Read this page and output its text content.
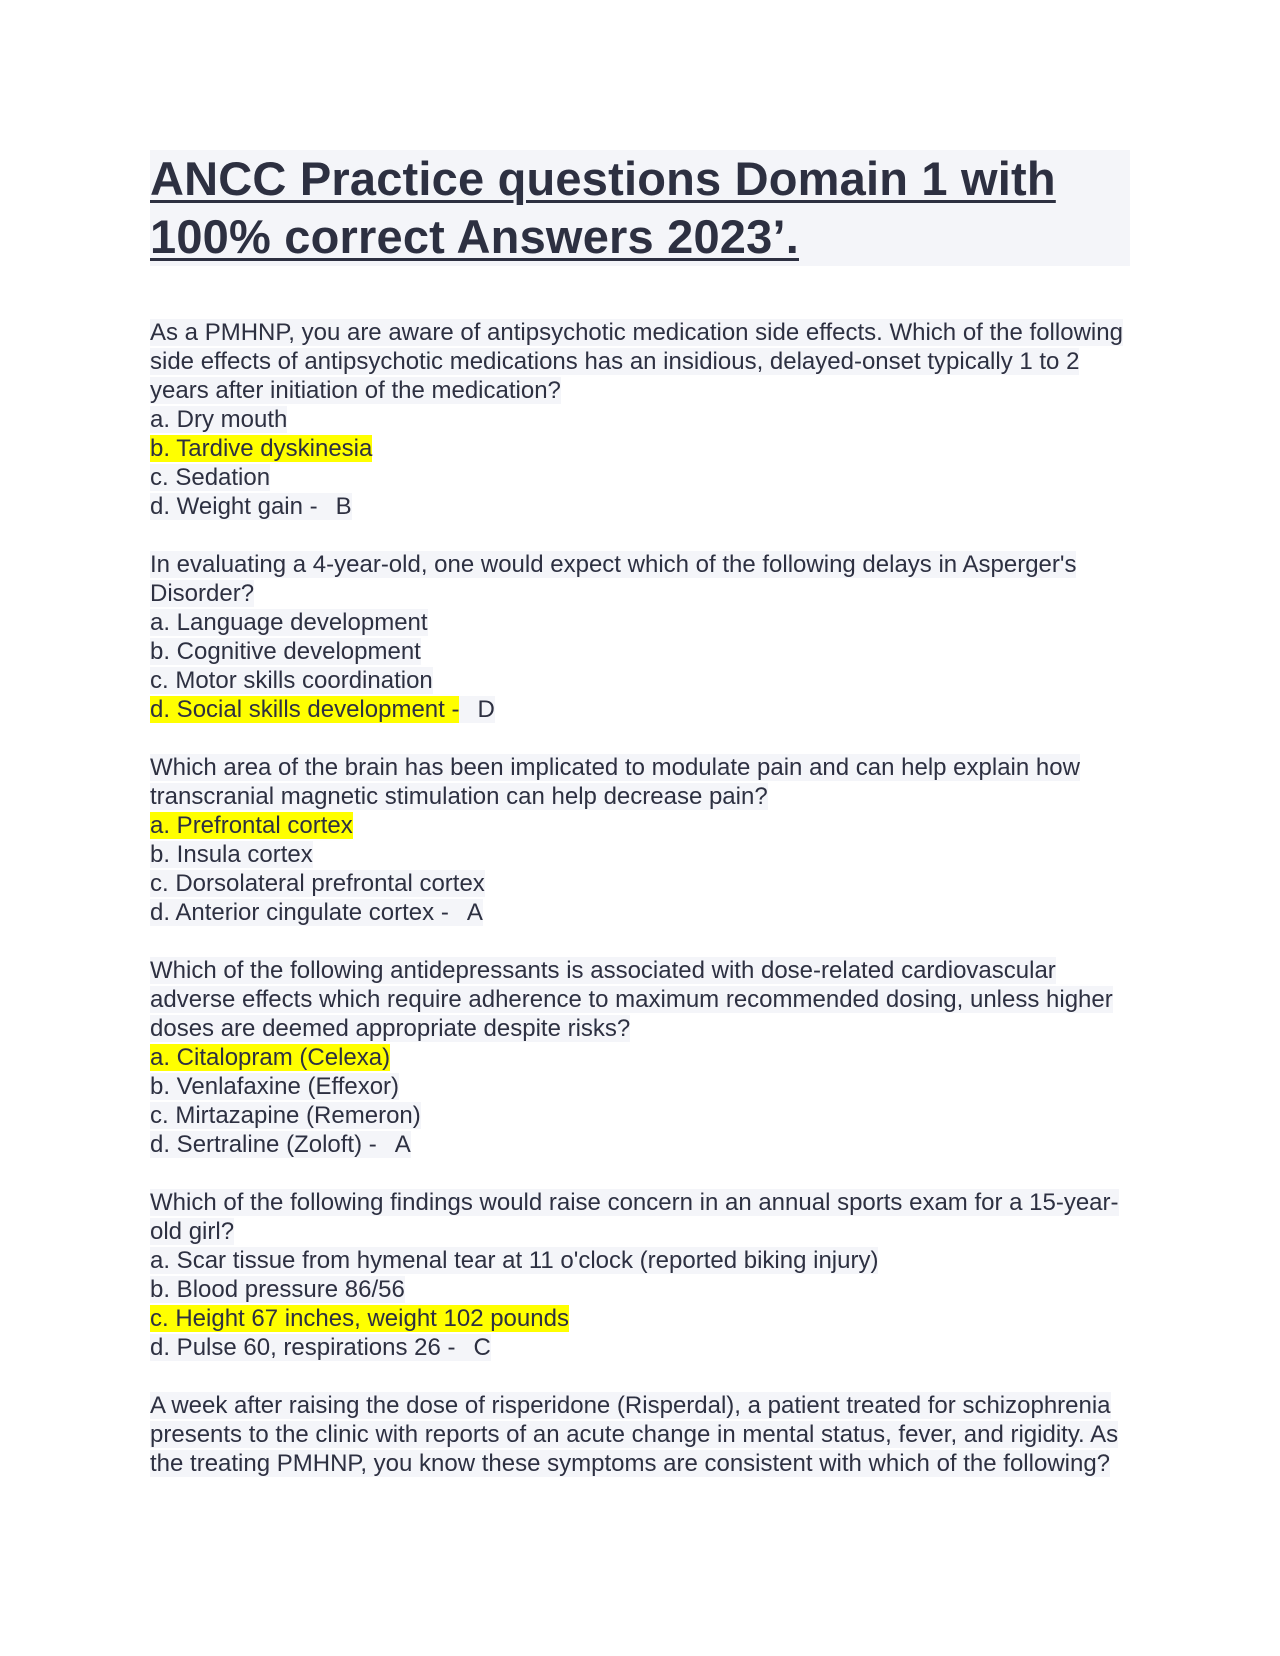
ANCC Practice questions Domain 1 with 100% correct Answers 2023’.

As a PMHNP, you are aware of antipsychotic medication side effects. Which of the following side effects of antipsychotic medications has an insidious, delayed-onset typically 1 to 2 years after initiation of the medication?

a. Dry mouth

b. Tardive dyskinesia

c. Sedation

d. Weight gain - B

In evaluating a 4-year-old, one would expect which of the following delays in Asperger's Disorder?

a. Language development

b. Cognitive development

c. Motor skills coordination

d. Social skills development - D

Which area of the brain has been implicated to modulate pain and can help explain how transcranial magnetic stimulation can help decrease pain?

a. Prefrontal cortex

b. Insula cortex

c. Dorsolateral prefrontal cortex

d. Anterior cingulate cortex - A

Which of the following antidepressants is associated with dose-related cardiovascular adverse effects which require adherence to maximum recommended dosing, unless higher doses are deemed appropriate despite risks?

a. Citalopram (Celexa)

b. Venlafaxine (Effexor)

c. Mirtazapine (Remeron)

d. Sertraline (Zoloft) - A

Which of the following findings would raise concern in an annual sports exam for a 15-year-old girl?

a. Scar tissue from hymenal tear at 11 o'clock (reported biking injury)

b. Blood pressure 86/56

c. Height 67 inches, weight 102 pounds

d. Pulse 60, respirations 26 - C

A week after raising the dose of risperidone (Risperdal), a patient treated for schizophrenia presents to the clinic with reports of an acute change in mental status, fever, and rigidity. As the treating PMHNP, you know these symptoms are consistent with which of the following?
